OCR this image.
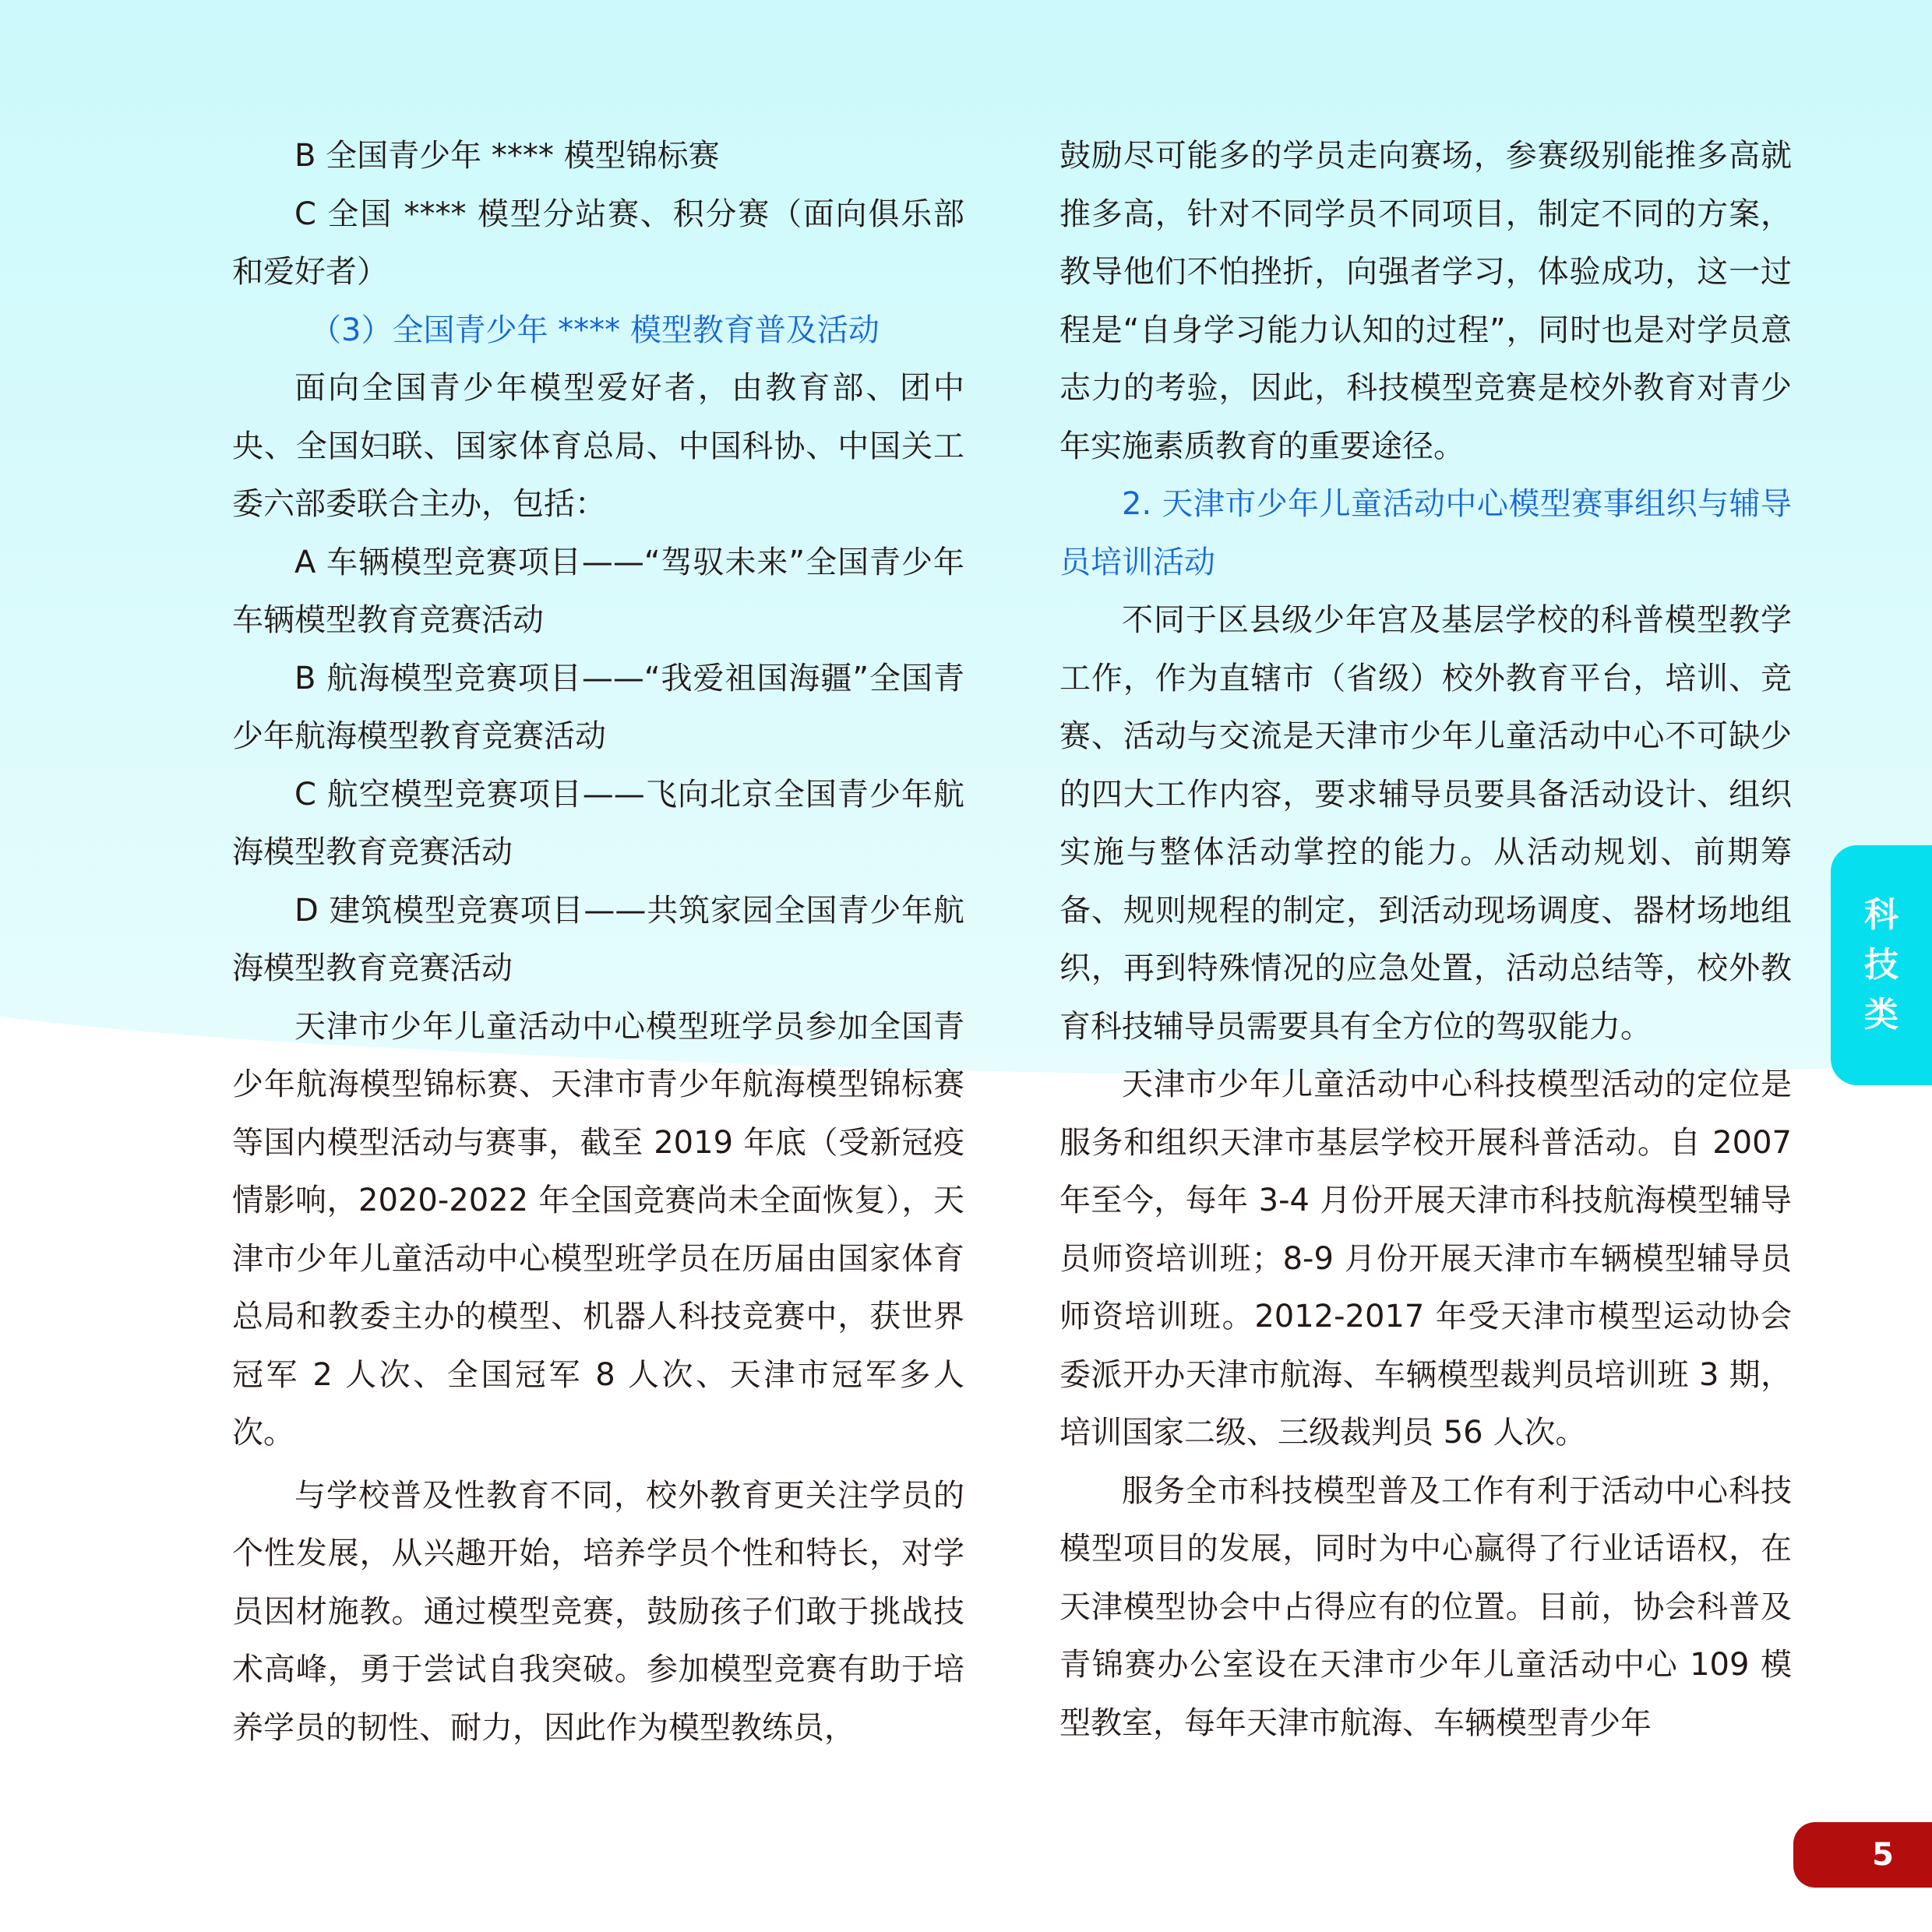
B 全国青少年 **** 模型锦标赛

C 全国 **** 模型分站赛、积分赛（面向俱乐部和爱好者）

（3）全国青少年 **** 模型教育普及活动

面向全国青少年模型爱好者，由教育部、团中央、全国妇联、国家体育总局、中国科协、中国关工委六部委联合主办，包括：

A 车辆模型竞赛项目——“驾驭未来”全国青少年车辆模型教育竞赛活动

B 航海模型竞赛项目——“我爱祖国海疆”全国青少年航海模型教育竞赛活动

C 航空模型竞赛项目——飞向北京全国青少年航海模型教育竞赛活动

D 建筑模型竞赛项目——共筑家园全国青少年航海模型教育竞赛活动

天津市少年儿童活动中心模型班学员参加全国青少年航海模型锦标赛、天津市青少年航海模型锦标赛等国内模型活动与赛事，截至 2019 年底（受新冠疫情影响，2020-2022 年全国竞赛尚未全面恢复），天津市少年儿童活动中心模型班学员在历届由国家体育总局和教委主办的模型、机器人科技竞赛中，获世界冠军 2 人次、全国冠军 8 人次、天津市冠军多人次。

与学校普及性教育不同，校外教育更关注学员的个性发展，从兴趣开始，培养学员个性和特长，对学员因材施教。通过模型竞赛，鼓励孩子们敢于挑战技术高峰，勇于尝试自我突破。参加模型竞赛有助于培养学员的韧性、耐力，因此作为模型教练员，

鼓励尽可能多的学员走向赛场，参赛级别能推多高就推多高，针对不同学员不同项目，制定不同的方案，教导他们不怕挫折，向强者学习，体验成功，这一过程是“自身学习能力认知的过程”，同时也是对学员意志力的考验，因此，科技模型竞赛是校外教育对青少年实施素质教育的重要途径。

2. 天津市少年儿童活动中心模型赛事组织与辅导员培训活动

不同于区县级少年宫及基层学校的科普模型教学工作，作为直辖市（省级）校外教育平台，培训、竞赛、活动与交流是天津市少年儿童活动中心不可缺少的四大工作内容，要求辅导员要具备活动设计、组织实施与整体活动掌控的能力。从活动规划、前期筹备、规则规程的制定，到活动现场调度、器材场地组织，再到特殊情况的应急处置，活动总结等，校外教育科技辅导员需要具有全方位的驾驭能力。

天津市少年儿童活动中心科技模型活动的定位是服务和组织天津市基层学校开展科普活动。自 2007 年至今，每年 3-4 月份开展天津市科技航海模型辅导员师资培训班；8-9 月份开展天津市车辆模型辅导员师资培训班。2012-2017 年受天津市模型运动协会委派开办天津市航海、车辆模型裁判员培训班 3 期，培训国家二级、三级裁判员 56 人次。

服务全市科技模型普及工作有利于活动中心科技模型项目的发展，同时为中心赢得了行业话语权，在天津模型协会中占得应有的位置。目前，协会科普及青锦赛办公室设在天津市少年儿童活动中心 109 模型教室，每年天津市航海、车辆模型青少年

科
技
类
5
